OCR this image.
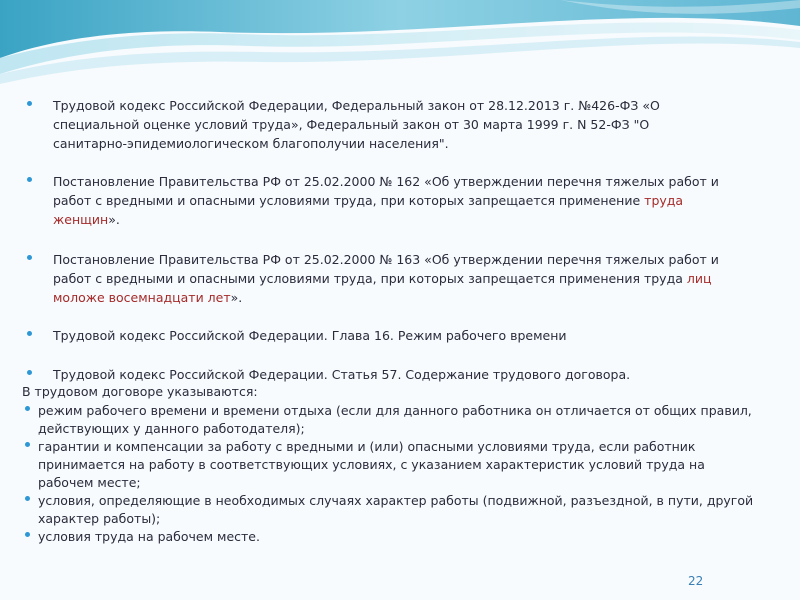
Трудовой кодекс Российской Федерации, Федеральный закон от 28.12.2013 г. №426-ФЗ «О

специальной оценке условий труда», Федеральный закон от 30 марта 1999 г. N 52-ФЗ "О

санитарно-эпидемиологическом благополучии населения".

Постановление Правительства РФ от 25.02.2000 № 162 «Об утверждении перечня тяжелых работ и

работ с вредными и опасными условиями труда, при которых запрещается применение труда

женщин».

Постановление Правительства РФ от 25.02.2000 № 163 «Об утверждении перечня тяжелых работ и

работ с вредными и опасными условиями труда, при которых запрещается применения труда лиц

моложе восемнадцати лет».

Трудовой кодекс Российской Федерации. Глава 16. Режим рабочего времени

Трудовой кодекс Российской Федерации. Статья 57. Содержание трудового договора.

В трудовом договоре указываются:

режим рабочего времени и времени отдыха (если для данного работника он отличается от общих правил,

действующих у данного работодателя);

гарантии и компенсации за работу с вредными и (или) опасными условиями труда, если работник

принимается на работу в соответствующих условиях, с указанием характеристик условий труда на

рабочем месте;

условия, определяющие в необходимых случаях характер работы (подвижной, разъездной, в пути, другой

характер работы);

условия труда на рабочем месте.

22
